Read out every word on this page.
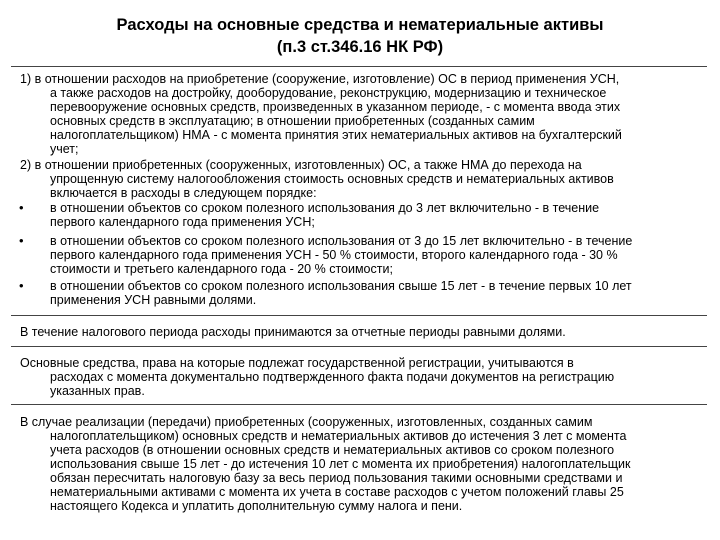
Расходы на основные средства и нематериальные активы
(п.3 ст.346.16 НК РФ)
1) в отношении расходов на приобретение (сооружение, изготовление) ОС в период применения УСН,
а также расходов на достройку, дооборудование, реконструкцию, модернизацию и техническое
перевооружение основных средств, произведенных в указанном периоде, - с момента ввода этих
основных средств в эксплуатацию; в отношении приобретенных (созданных самим
налогоплательщиком) НМА - с момента принятия этих нематериальных активов на бухгалтерский
учет;
2) в отношении приобретенных (сооруженных, изготовленных) ОС, а также НМА до перехода на
упрощенную систему налогообложения стоимость основных средств и нематериальных активов
включается в расходы в следующем порядке:
• в отношении объектов со сроком полезного использования до 3 лет включительно - в течение
первого календарного года применения УСН;
• в отношении объектов со сроком полезного использования от 3 до 15 лет включительно - в течение
первого календарного года применения УСН - 50 % стоимости, второго календарного года - 30 %
стоимости и третьего календарного года - 20 % стоимости;
• в отношении объектов со сроком полезного использования свыше 15 лет - в течение первых 10 лет
применения УСН равными долями.
В течение налогового периода расходы принимаются за отчетные периоды равными долями.
Основные средства, права на которые подлежат государственной регистрации, учитываются в
расходах с момента документально подтвержденного факта подачи документов на регистрацию
указанных прав.
В случае реализации (передачи) приобретенных (сооруженных, изготовленных, созданных самим
налогоплательщиком) основных средств и нематериальных активов до истечения 3 лет с момента
учета расходов (в отношении основных средств и нематериальных активов со сроком полезного
использования свыше 15 лет - до истечения 10 лет с момента их приобретения) налогоплательщик
обязан пересчитать налоговую базу за весь период пользования такими основными средствами и
нематериальными активами с момента их учета в составе расходов с учетом положений главы 25
настоящего Кодекса и уплатить дополнительную сумму налога и пени.
